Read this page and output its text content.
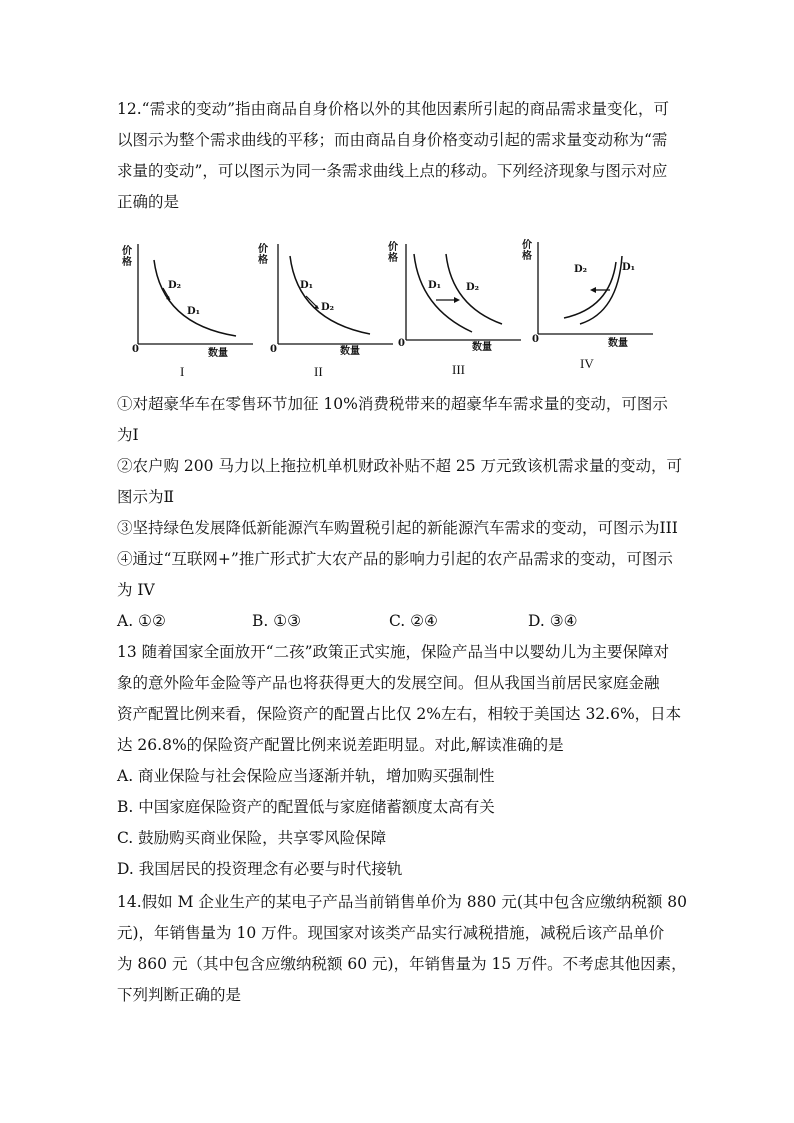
12.“需求的变动”指由商品自身价格以外的其他因素所引起的商品需求量变化，可
以图示为整个需求曲线的平移；而由商品自身价格变动引起的需求量变动称为“需
求量的变动”，可以图示为同一条需求曲线上点的移动。下列经济现象与图示对应
正确的是
价格
0	数量
D₂
D₁
I
价格
0	数量
D₁
D₂
II
价格
0	数量
D₁ D₂
III
价格
0	数量
D₂	D₁
IV
①对超豪华车在零售环节加征 10%消费税带来的超豪华车需求量的变动，可图示
为Ⅰ
②农户购 200 马力以上拖拉机单机财政补贴不超 25 万元致该机需求量的变动，可
图示为Ⅱ
③坚持绿色发展降低新能源汽车购置税引起的新能源汽车需求的变动，可图示为III
④通过“互联网+”推广形式扩大农产品的影响力引起的农产品需求的变动，可图示
为 IV
A. ①②	B. ①③	C. ②④	D. ③④
13 随着国家全面放开“二孩”政策正式实施，保险产品当中以婴幼儿为主要保障对
象的意外险年金险等产品也将获得更大的发展空间。但从我国当前居民家庭金融
资产配置比例来看，保险资产的配置占比仅 2%左右，相较于美国达 32.6%，日本
达 26.8%的保险资产配置比例来说差距明显。对此,解读准确的是
A. 商业保险与社会保险应当逐渐并轨，增加购买强制性
B. 中国家庭保险资产的配置低与家庭储蓄额度太高有关
C. 鼓励购买商业保险，共享零风险保障
D. 我国居民的投资理念有必要与时代接轨
14.假如 M 企业生产的某电子产品当前销售单价为 880 元(其中包含应缴纳税额 80
元)，年销售量为 10 万件。现国家对该类产品实行减税措施，减税后该产品单价
为 860 元（其中包含应缴纳税额 60 元)，年销售量为 15 万件。不考虑其他因素，
下列判断正确的是
